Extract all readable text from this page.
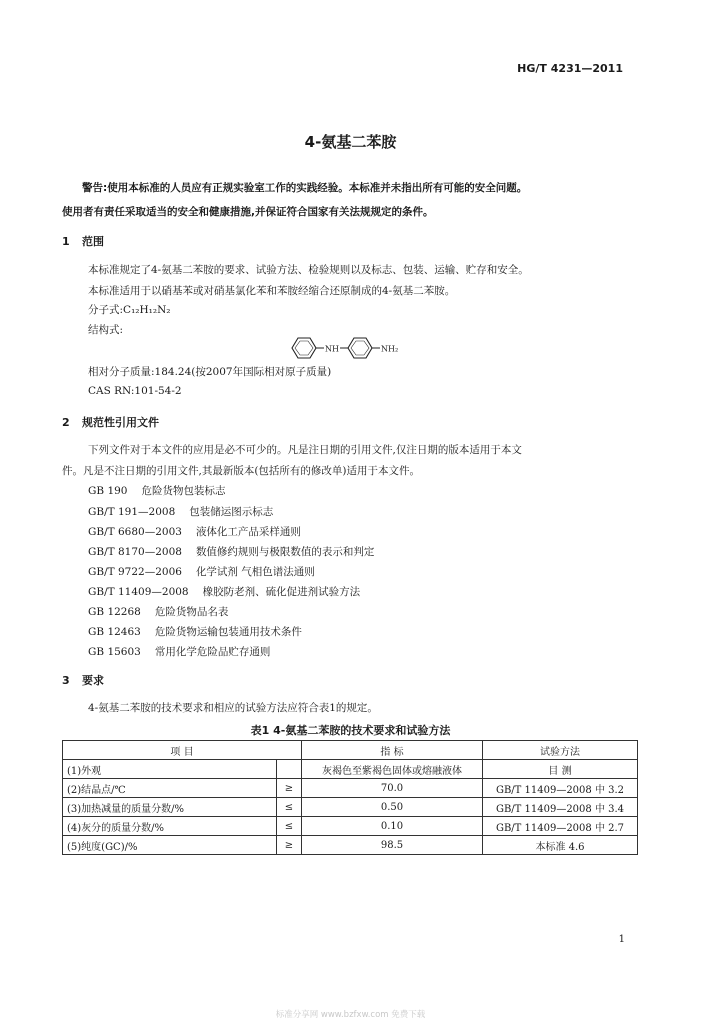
HG/T 4231—2011
4-氨基二苯胺
警告:使用本标准的人员应有正规实验室工作的实践经验。本标准并未指出所有可能的安全问题。
使用者有责任采取适当的安全和健康措施,并保证符合国家有关法规规定的条件。
1 范围
本标准规定了4-氨基二苯胺的要求、试验方法、检验规则以及标志、包装、运输、贮存和安全。
本标准适用于以硝基苯或对硝基氯化苯和苯胺经缩合还原制成的4-氨基二苯胺。
分子式:C₁₂H₁₂N₂
结构式:
NH	NH₂
相对分子质量:184.24(按2007年国际相对原子质量)
CAS RN:101-54-2
2 规范性引用文件
下列文件对于本文件的应用是必不可少的。凡是注日期的引用文件,仅注日期的版本适用于本文
件。凡是不注日期的引用文件,其最新版本(包括所有的修改单)适用于本文件。
GB 190 危险货物包装标志
GB/T 191—2008 包装储运图示标志
GB/T 6680—2003 液体化工产品采样通则
GB/T 8170—2008 数值修约规则与极限数值的表示和判定
GB/T 9722—2006 化学试剂 气相色谱法通则
GB/T 11409—2008 橡胶防老剂、硫化促进剂试验方法
GB 12268 危险货物品名表
GB 12463 危险货物运输包装通用技术条件
GB 15603 常用化学危险品贮存通则
3 要求
4-氨基二苯胺的技术要求和相应的试验方法应符合表1的规定。
表1 4-氨基二苯胺的技术要求和试验方法
项 目		指 标	试验方法
(1)外观		灰褐色至紫褐色固体或熔融液体	目 测
(2)结晶点/℃	≥	70.0	GB/T 11409—2008 中 3.2
(3)加热减量的质量分数/%	≤	0.50	GB/T 11409—2008 中 3.4
(4)灰分的质量分数/%	≤	0.10	GB/T 11409—2008 中 2.7
(5)纯度(GC)/%	≥	98.5	本标准 4.6
1
标准分享网 www.bzfxw.com 免费下载
